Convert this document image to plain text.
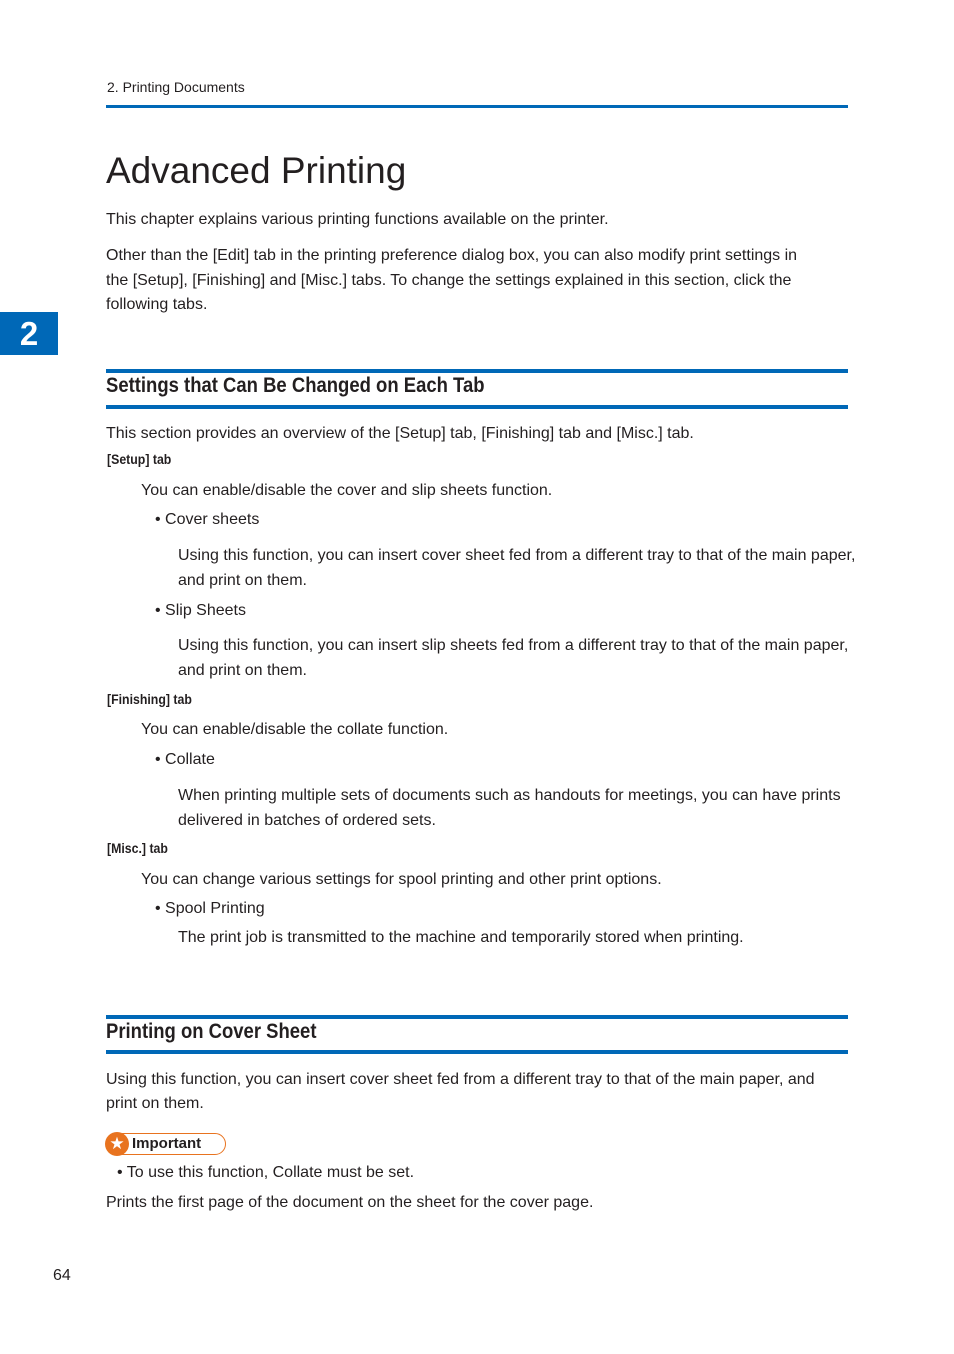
2. Printing Documents
2
Advanced Printing

This chapter explains various printing functions available on the printer.

Other than the [Edit] tab in the printing preference dialog box, you can also modify print settings in

the [Setup], [Finishing] and [Misc.] tabs. To change the settings explained in this section, click the

following tabs.

Settings that Can Be Changed on Each Tab

This section provides an overview of the [Setup] tab, [Finishing] tab and [Misc.] tab.

[Setup] tab

You can enable/disable the cover and slip sheets function.

• Cover sheets

Using this function, you can insert cover sheet fed from a different tray to that of the main paper,

and print on them.

• Slip Sheets

Using this function, you can insert slip sheets fed from a different tray to that of the main paper,

and print on them.

[Finishing] tab

You can enable/disable the collate function.

• Collate

When printing multiple sets of documents such as handouts for meetings, you can have prints

delivered in batches of ordered sets.

[Misc.] tab

You can change various settings for spool printing and other print options.

• Spool Printing

The print job is transmitted to the machine and temporarily stored when printing.

Printing on Cover Sheet

Using this function, you can insert cover sheet fed from a different tray to that of the main paper, and

print on them.

★ Important

• To use this function, Collate must be set.

Prints the first page of the document on the sheet for the cover page.

64
